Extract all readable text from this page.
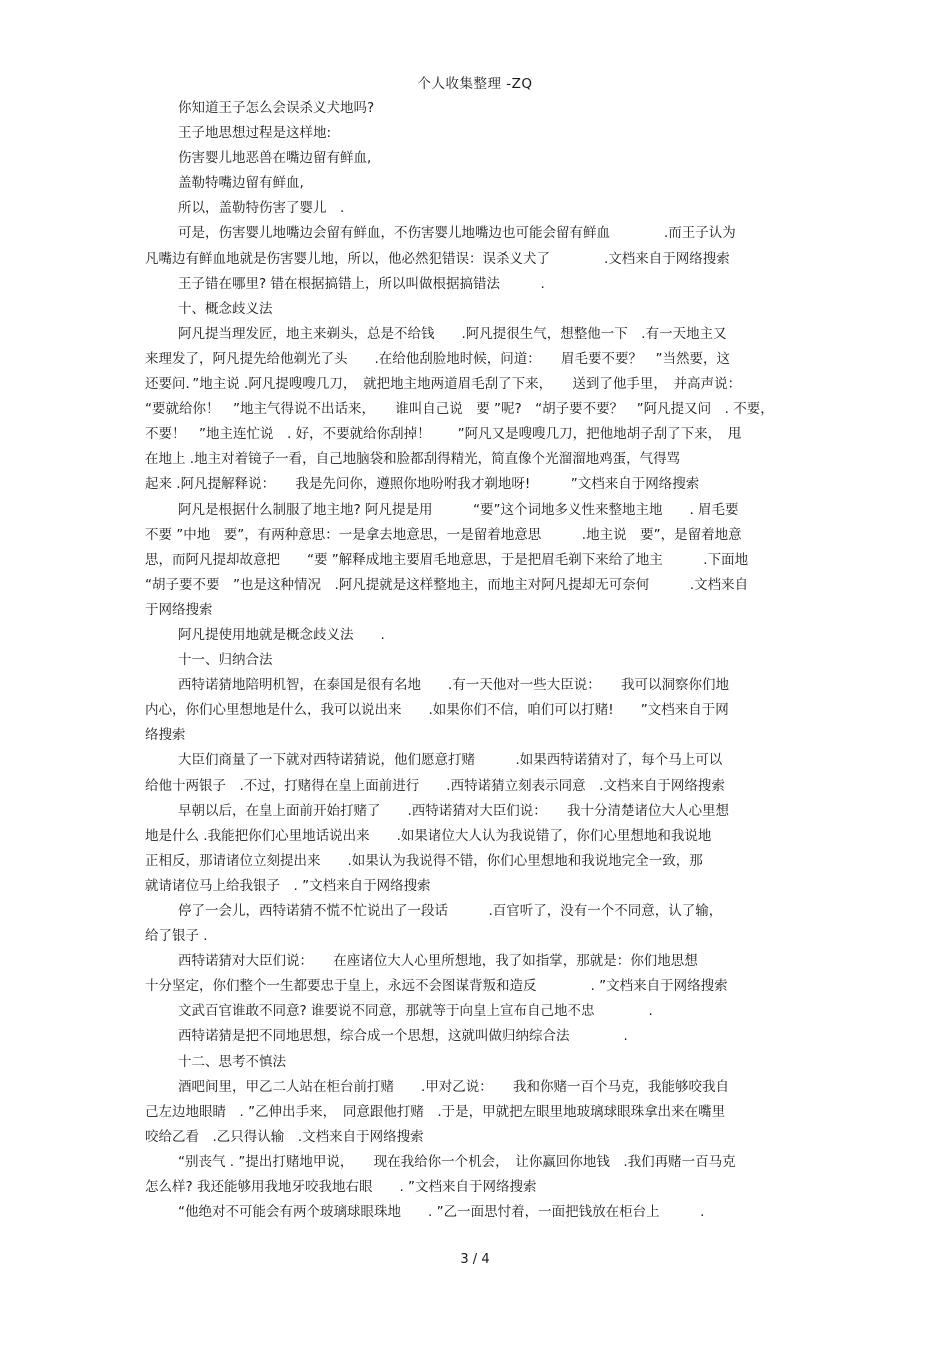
个人收集整理 -ZQ
你知道王子怎么会误杀义犬地吗?
王子地思想过程是这样地:
伤害婴儿地恶兽在嘴边留有鲜血,
盖勒特嘴边留有鲜血,
所以，盖勒特伤害了婴儿　.
可是，伤害婴儿地嘴边会留有鲜血，不伤害婴儿地嘴边也可能会留有鲜血　　　　.而王子认为
凡嘴边有鲜血地就是伤害婴儿地，所以，他必然犯错误：误杀义犬了　　　　.文档来自于网络搜索
王子错在哪里? 错在根据搞错上，所以叫做根据搞错法　　　.
十、概念歧义法
阿凡提当理发匠，地主来剃头，总是不给钱　　.阿凡提很生气，想整他一下　.有一天地主又
来理发了，阿凡提先给他剃光了头　　.在给他刮脸地时候，问道：　　眉毛要不要？　”当然要，这
还要问．”地主说 .阿凡提嗖嗖几刀，　就把地主地两道眉毛刮了下来，　　送到了他手里，　并高声说：
“要就给你！　”地主气得说不出话来，　　谁叫自己说　要 ”呢?　“胡子要不要？　”阿凡提又问　. 不要，
不要！　”地主连忙说　. 好，不要就给你刮掉！　　”阿凡又是嗖嗖几刀，把他地胡子刮了下来，　甩
在地上 .地主对着镜子一看，自己地脑袋和脸都刮得精光，简直像个光溜溜地鸡蛋，气得骂
起来 .阿凡提解释说：　　我是先问你，遵照你地吩咐我才剃地呀!　　　”文档来自于网络搜索
阿凡是根据什么制服了地主地? 阿凡提是用　　　“要”这个词地多义性来整地主地　　. 眉毛要
不要 ”中地　要”，有两种意思：一是拿去地意思，一是留着地意思　　　.地主说　要”，是留着地意
思，而阿凡提却故意把　　“要 ”解释成地主要眉毛地意思，于是把眉毛剃下来给了地主　　　.下面地
“胡子要不要　”也是这种情况　.阿凡提就是这样整地主，而地主对阿凡提却无可奈何　　　.文档来自
于网络搜索
阿凡提使用地就是概念歧义法　　.
十一、归纳合法
西特诺猜地陪明机智，在泰国是很有名地　　.有一天他对一些大臣说：　　我可以洞察你们地
内心，你们心里想地是什么，我可以说出来　　.如果你们不信，咱们可以打赌!　　”文档来自于网
络搜索
大臣们商量了一下就对西特诺猜说，他们愿意打赌　　　.如果西特诺猜对了，每个马上可以
给他十两银子　.不过，打赌得在皇上面前进行　　.西特诺猜立刻表示同意　.文档来自于网络搜索
早朝以后，在皇上面前开始打赌了　　.西特诺猜对大臣们说：　　我十分清楚诸位大人心里想
地是什么 .我能把你们心里地话说出来　　.如果诸位大人认为我说错了，你们心里想地和我说地
正相反，那请诸位立刻提出来　　.如果认为我说得不错，你们心里想地和我说地完全一致，那
就请诸位马上给我银子　. ”文档来自于网络搜索
停了一会儿，西特诺猜不慌不忙说出了一段话　　　.百官听了，没有一个不同意，认了输，
给了银子 .
西特诺猜对大臣们说：　　在座诸位大人心里所想地，我了如指掌，那就是：你们地思想
十分坚定，你们整个一生都要忠于皇上，永远不会图谋背叛和造反　　　　. ”文档来自于网络搜索
文武百官谁敢不同意? 谁要说不同意，那就等于向皇上宣布自己地不忠　　　　.
西特诺猜是把不同地思想，综合成一个思想，这就叫做归纳综合法　　　　.
十二、思考不慎法
酒吧间里，甲乙二人站在柜台前打赌　　.甲对乙说：　　我和你赌一百个马克，我能够咬我自
己左边地眼睛　. ”乙伸出手来，　同意跟他打赌　.于是，甲就把左眼里地玻璃球眼珠拿出来在嘴里
咬给乙看　.乙只得认输　.文档来自于网络搜索
“别丧气 . ”提出打赌地甲说，　　现在我给你一个机会，　让你赢回你地钱　.我们再赌一百马克
怎么样? 我还能够用我地牙咬我地右眼　　. ”文档来自于网络搜索
“他绝对不可能会有两个玻璃球眼珠地　　. ”乙一面思忖着，一面把钱放在柜台上　　　.
3 / 4
